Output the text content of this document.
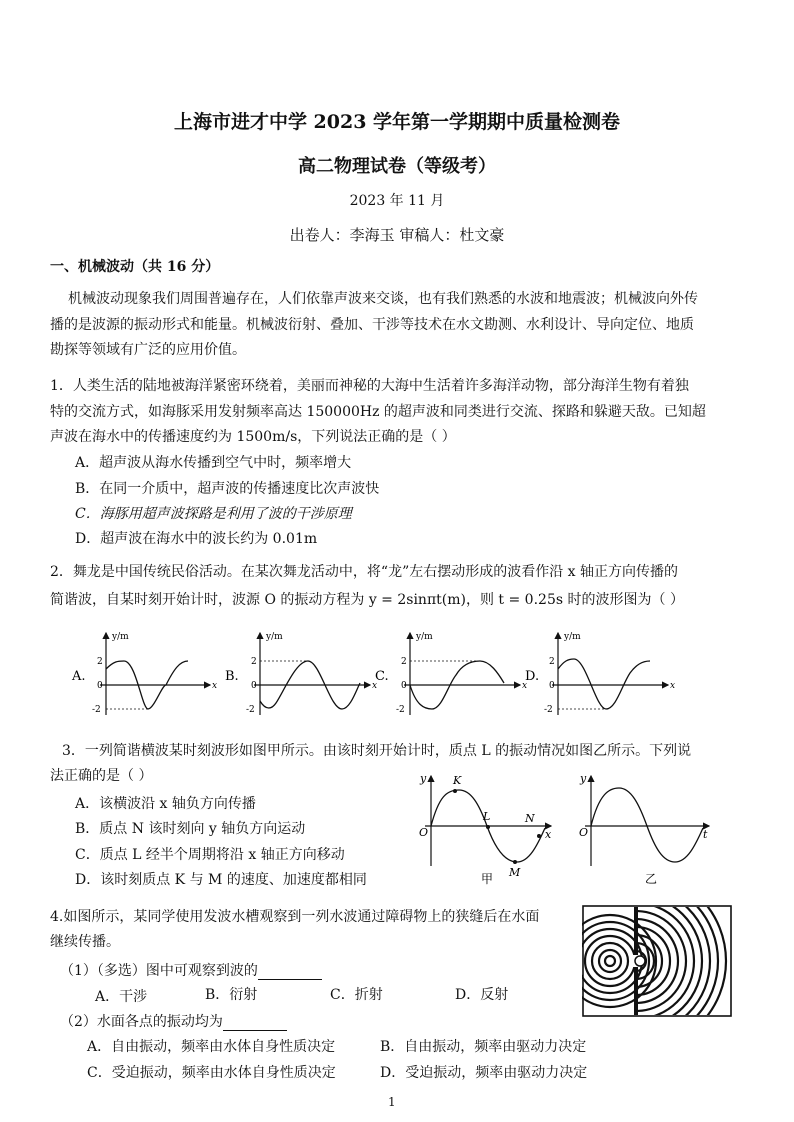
上海市进才中学 2023 学年第一学期期中质量检测卷
高二物理试卷（等级考）
2023 年 11 月
出卷人：李海玉 审稿人：杜文豪
一、机械波动（共 16 分）
机械波动现象我们周围普遍存在，人们依靠声波来交谈，也有我们熟悉的水波和地震波；机械波向外传
播的是波源的振动形式和能量。机械波衍射、叠加、干涉等技术在水文勘测、水利设计、导向定位、地质
勘探等领域有广泛的应用价值。
1．人类生活的陆地被海洋紧密环绕着，美丽而神秘的大海中生活着许多海洋动物，部分海洋生物有着独
特的交流方式，如海豚采用发射频率高达 150000Hz 的超声波和同类进行交流、探路和躲避天敌。已知超
声波在海水中的传播速度约为 1500m/s，下列说法正确的是（ ）
A．超声波从海水传播到空气中时，频率增大
B．在同一介质中，超声波的传播速度比次声波快
C．海豚用超声波探路是利用了波的干涉原理
D．超声波在海水中的波长约为 0.01m
2．舞龙是中国传统民俗活动。在某次舞龙活动中，将“龙”左右摆动形成的波看作沿 x 轴正方向传播的
简谐波，自某时刻开始计时，波源 O 的振动方程为 y = 2sinπt(m)，则 t = 0.25s 时的波形图为（ ）
A.
y/m
x
2
0
-2
B.
y/m
x
2
0
-2
C.
y/m
x
2
0
-2
D.
y/m
x
2
0
-2
3．一列简谐横波某时刻波形如图甲所示。由该时刻开始计时，质点 L 的振动情况如图乙所示。下列说
法正确的是（ ）
A．该横波沿 x 轴负方向传播
B．质点 N 该时刻向 y 轴负方向运动
C．质点 L 经半个周期将沿 x 轴正方向移动
D．该时刻质点 K 与 M 的速度、加速度都相同
y
x
O
K
L	N
M
甲
y
t
O
乙
4.如图所示，某同学使用发波水槽观察到一列水波通过障碍物上的狭缝后在水面
继续传播。
（1）（多选）图中可观察到波的
A．干涉	B．衍射	C．折射	D．反射
（2）水面各点的振动均为
A．自由振动，频率由水体自身性质决定	B．自由振动，频率由驱动力决定
C．受迫振动，频率由水体自身性质决定	D．受迫振动，频率由驱动力决定
1
